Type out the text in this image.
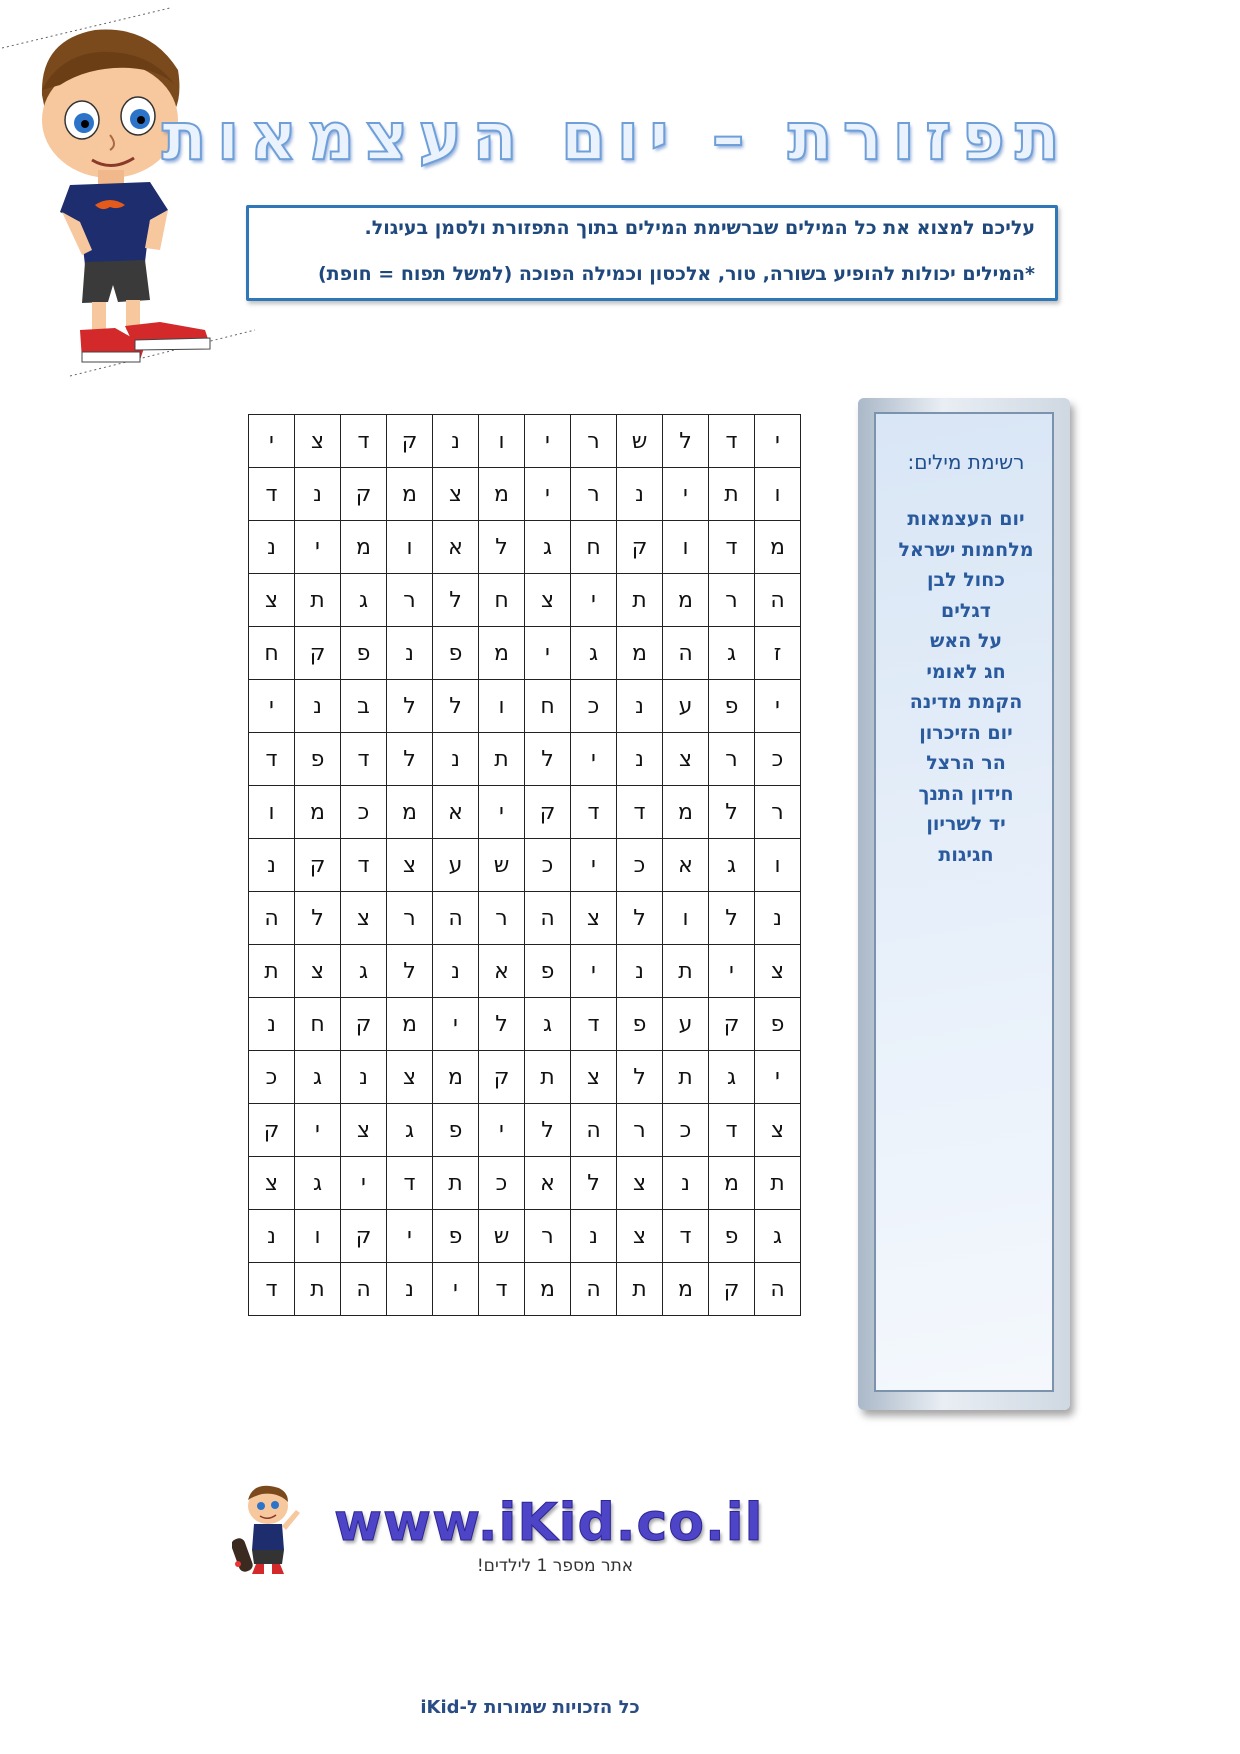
תפזורת – יום העצמאות
עליכם למצוא את כל המילים שברשימת המילים בתוך התפזורת ולסמן בעיגול.
*המילים יכולות להופיע בשורה, טור, אלכסון וכמילה הפוכה (למשל תפוח = חופת)
י	ד	ל	ש	ר	י	ו	נ	ק	ד	צ	י
ו	ת	י	נ	ר	י	מ	צ	מ	ק	נ	ד
מ	ד	ו	ק	ח	ג	ל	א	ו	מ	י	נ
ה	ר	מ	ת	י	צ	ח	ל	ר	ג	ת	צ
ז	ג	ה	מ	ג	י	מ	פ	נ	פ	ק	ח
י	פ	ע	נ	כ	ח	ו	ל	ל	ב	נ	י
כ	ר	צ	נ	י	ל	ת	נ	ל	ד	פ	ד
ר	ל	מ	ד	ד	ק	י	א	מ	כ	מ	ו
ו	ג	א	כ	י	כ	ש	ע	צ	ד	ק	נ
נ	ל	ו	ל	צ	ה	ר	ה	ר	צ	ל	ה
צ	י	ת	נ	י	פ	א	נ	ל	ג	צ	ת
פ	ק	ע	פ	ד	ג	ל	י	מ	ק	ח	נ
י	ג	ת	ל	צ	ת	ק	מ	צ	נ	ג	כ
צ	ד	כ	ר	ה	ל	י	פ	ג	צ	י	ק
ת	מ	נ	צ	ל	א	כ	ת	ד	י	ג	צ
ג	פ	ד	צ	נ	ר	ש	פ	י	ק	ו	נ
ה	ק	מ	ת	ה	מ	ד	י	נ	ה	ת	ד
רשימת מילים:
יום העצמאות
מלחמות ישראל
כחול לבן
דגלים
על האש
חג לאומי
הקמת מדינה
יום הזיכרון
הר הרצל
חידון התנך
יד לשריון
חגיגות
www.iKid.co.il
אתר מספר 1 לילדים!
כל הזכויות שמורות ל-iKid
